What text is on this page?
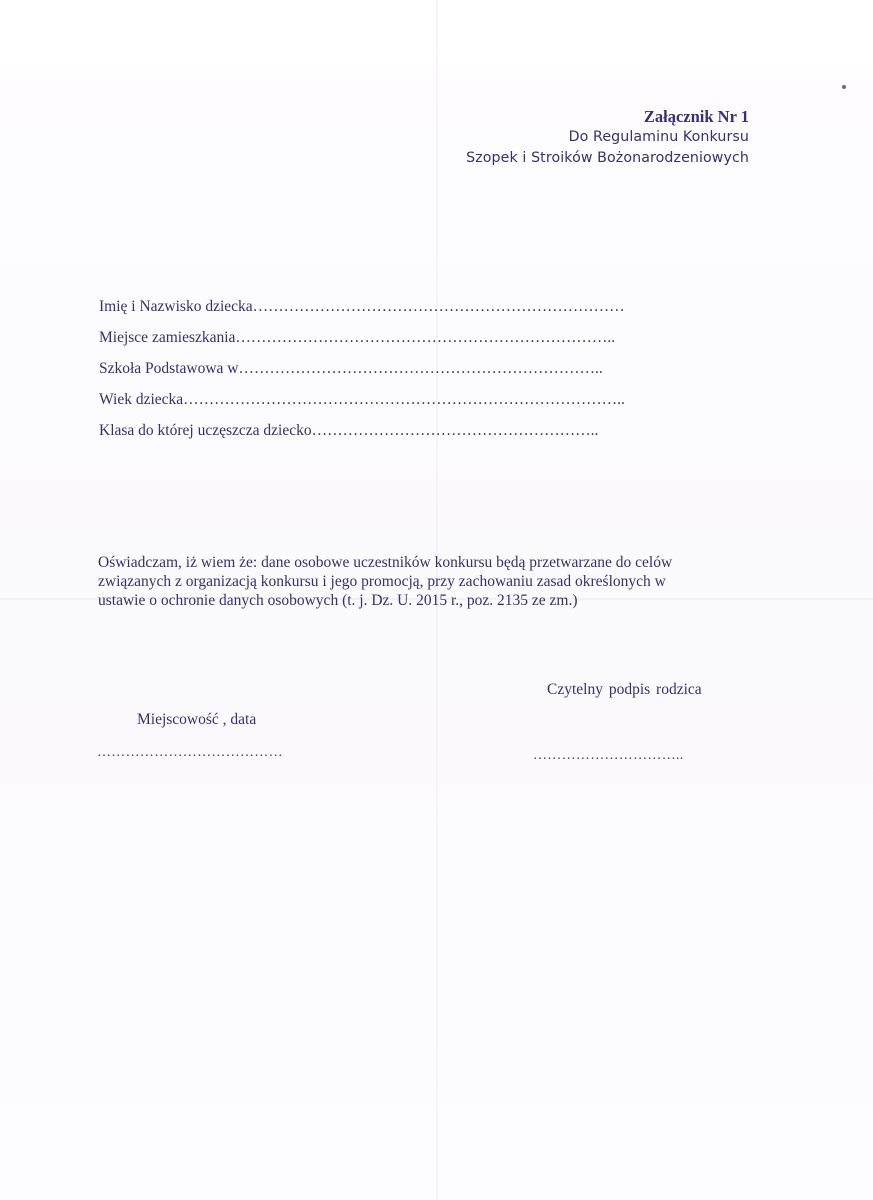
Załącznik Nr 1
Do Regulaminu Konkursu
Szopek i Stroików Bożonarodzeniowych
Imię i Nazwisko dziecka………………………………………………………………
Miejsce zamieszkania………………………………………………………………..
Szkoła Podstawowa w……………………………………………………………..
Wiek dziecka…………………………………………………………………………..
Klasa do której uczęszcza dziecko………………………………………………..
Oświadczam, iż wiem że: dane osobowe uczestników konkursu będą przetwarzane do celów
związanych z organizacją konkursu i jego promocją, przy zachowaniu zasad określonych w
ustawie o ochronie danych osobowych (t. j. Dz. U. 2015 r., poz. 2135 ze zm.)
Czytelny podpis rodzica
Miejscowość , data
…………………………………	…………………………..
